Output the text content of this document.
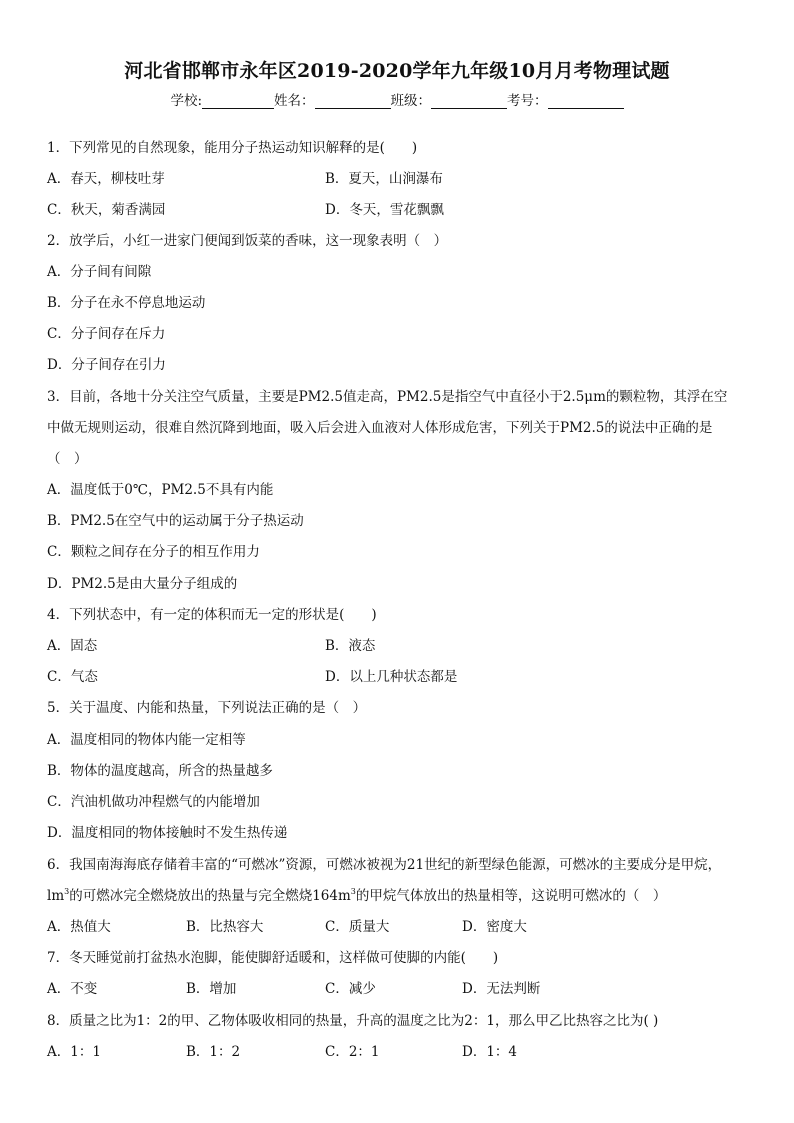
河北省邯郸市永年区2019-2020学年九年级10月月考物理试题
学校:	姓名：	班级：	考号：
1．下列常见的自然现象，能用分子热运动知识解释的是(　　)
A．春天，柳枝吐芽	B．夏天，山涧瀑布
C．秋天，菊香满园	D．冬天，雪花飘飘
2．放学后，小红一进家门便闻到饭菜的香味，这一现象表明（　）
A．分子间有间隙
B．分子在永不停息地运动
C．分子间存在斥力
D．分子间存在引力
3．目前，各地十分关注空气质量，主要是PM2.5值走高，PM2.5是指空气中直径小于2.5μm的颗粒物，其浮在空
中做无规则运动，很难自然沉降到地面，吸入后会进入血液对人体形成危害，下列关于PM2.5的说法中正确的是
（　）
A．温度低于0℃，PM2.5不具有内能
B．PM2.5在空气中的运动属于分子热运动
C．颗粒之间存在分子的相互作用力
D．PM2.5是由大量分子组成的
4．下列状态中，有一定的体积而无一定的形状是(　　)
A．固态	B．液态
C．气态	D．以上几种状态都是
5．关于温度、内能和热量，下列说法正确的是（　）
A．温度相同的物体内能一定相等
B．物体的温度越高，所含的热量越多
C．汽油机做功冲程燃气的内能增加
D．温度相同的物体接触时不发生热传递
6．我国南海海底存储着丰富的“可燃冰”资源，可燃冰被视为21世纪的新型绿色能源，可燃冰的主要成分是甲烷，
$lm^3$的可燃冰完全燃烧放出的热量与完全燃烧$164m^3$的甲烷气体放出的热量相等，这说明可燃冰的（　）
A．热值大	B．比热容大	C．质量大	D．密度大
7．冬天睡觉前打盆热水泡脚，能使脚舒适暖和，这样做可使脚的内能(　　)
A．不变	B．增加	C．减少	D．无法判断
8．质量之比为1：2的甲、乙物体吸收相同的热量，升高的温度之比为2：1，那么甲乙比热容之比为( )
A．1：1	B．1：2	C．2：1	D．1：4
